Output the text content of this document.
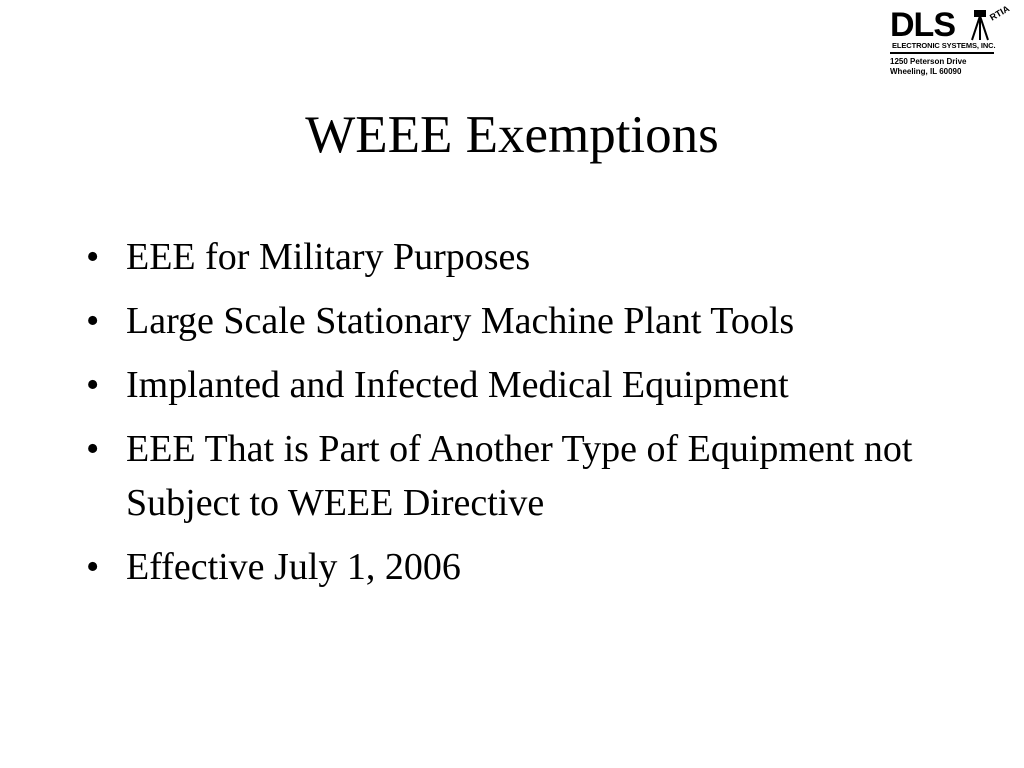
DLS	RTIA
ELECTRONIC SYSTEMS, INC.
1250 Peterson Drive
Wheeling, IL 60090
WEEE Exemptions
• EEE for Military Purposes
• Large Scale Stationary Machine Plant Tools
• Implanted and Infected Medical Equipment
• EEE That is Part of Another Type of Equipment not Subject to WEEE Directive
• Effective July 1, 2006
